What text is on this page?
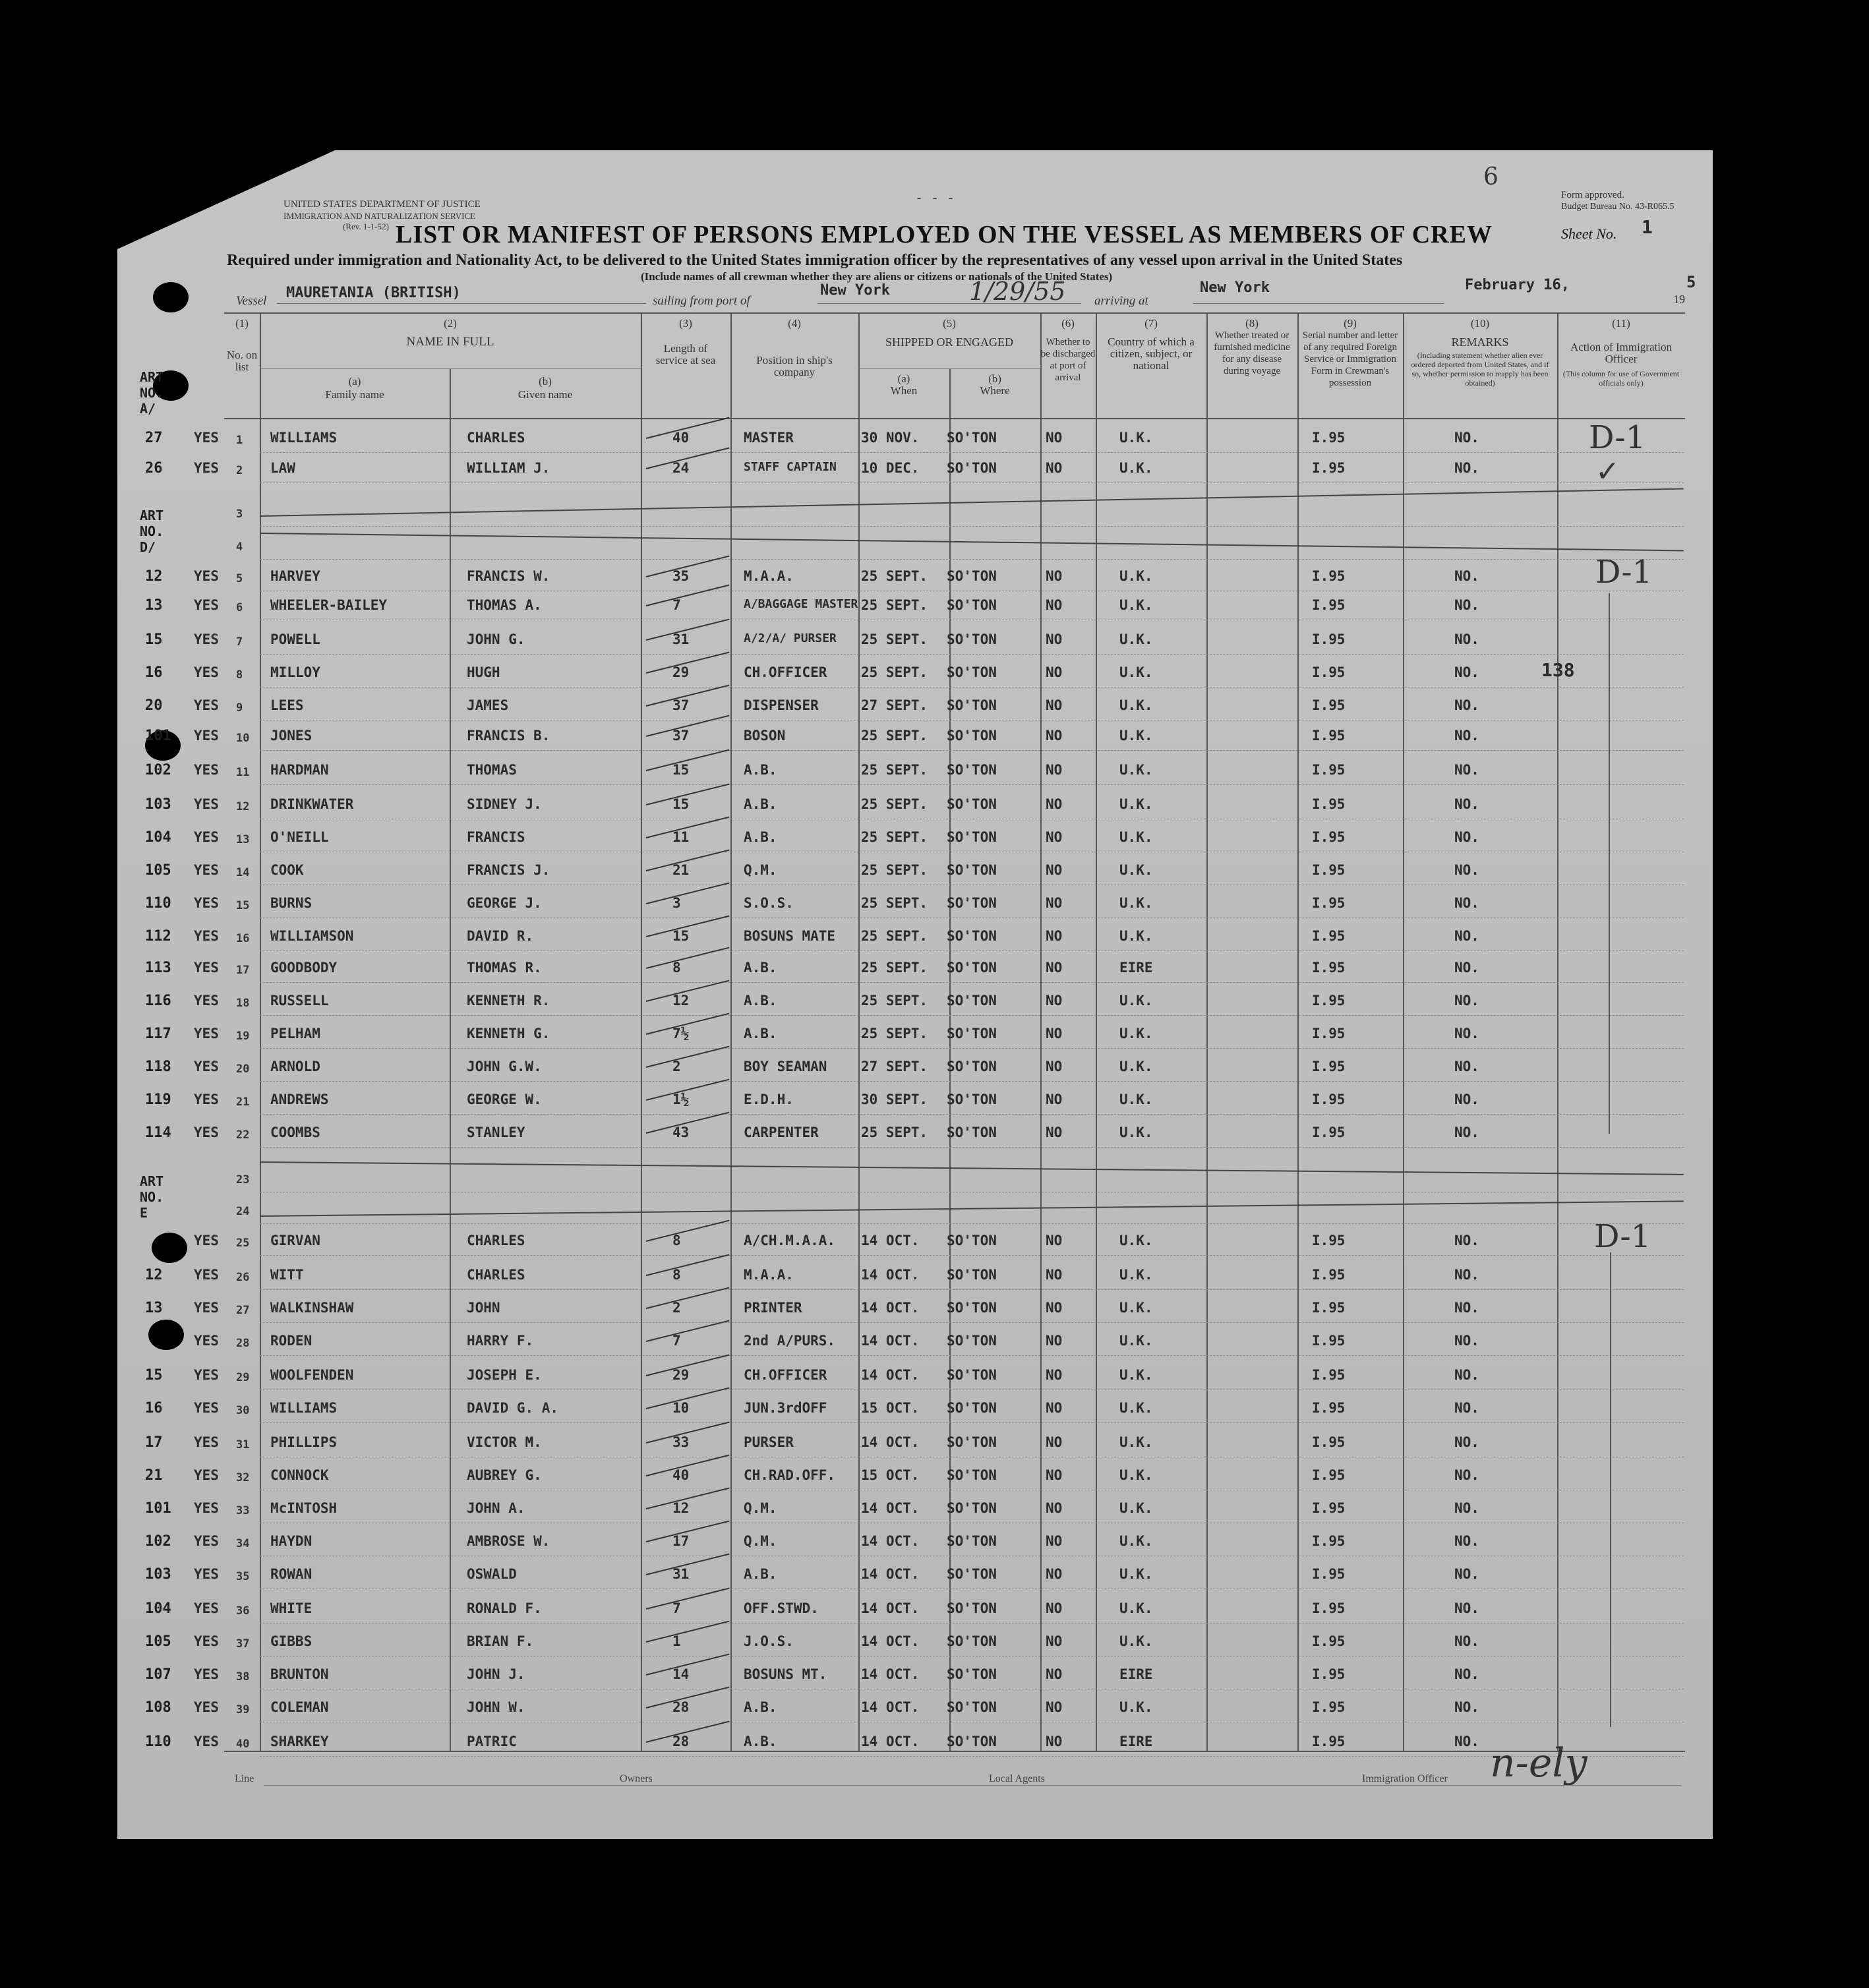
UNITED STATES DEPARTMENT OF JUSTICE
IMMIGRATION AND NATURALIZATION SERVICE
(Rev. 1-1-52)
- - -
6
Form approved.
Budget Bureau No. 43-R065.5
LIST OR MANIFEST OF PERSONS EMPLOYED ON THE VESSEL AS MEMBERS OF CREW	Sheet No. 1
Required under immigration and Nationality Act, to be delivered to the United States immigration officer by the representatives of any vessel upon arrival in the United States
(Include names of all crewman whether they are aliens or citizens or nationals of the United States)
Vessel MAURETANIA (BRITISH)	sailing from port of
New York	1/29/55 arriving at
New York	February 16,
19
5
(1)
No. on list
(2)
NAME IN FULL
(a)
Family name
(b)
Given name
(3)
Length of service at sea
(4)
Position in ship's company
(5)
SHIPPED OR ENGAGED
(a)
When
(b)
Where
(6)
Whether to be discharged at port of arrival
(7)
Country of which a citizen, subject, or national
(8)
Whether treated or furnished medicine for any disease during voyage
(9)
Serial number and letter of any required Foreign Service or Immigration Form in Crewman's possession
(10)
REMARKS
(Including statement whether alien ever ordered deported from United States, and if so, whether permission to reapply has been obtained)
(11)
Action of Immigration Officer
(This column for use of Government officials only)
ART NO. A/
ART NO. D/
ART NO. E
27 YES 1 WILLIAMS	CHARLES	40	MASTER	30 NOV. SO'TON	NO	U.K.	I.95	NO.
26 YES 2 LAW	WILLIAM J.	24	STAFF CAPTAIN 10 DEC. SO'TON	NO	U.K.	I.95	NO.
3
4
12 YES 5 HARVEY	FRANCIS W.	35	M.A.A.	25 SEPT. SO'TON	NO	U.K.	I.95	NO.
13 YES 6 WHEELER-BAILEY	THOMAS A.	7	A/BAGGAGE MASTER 25 SEPT. SO'TON	NO	U.K.	I.95	NO.
15 YES 7 POWELL	JOHN G.	31	A/2/A/ PURSER 25 SEPT. SO'TON	NO	U.K.	I.95	NO.
16 YES 8 MILLOY	HUGH	29	CH.OFFICER 25 SEPT. SO'TON	NO	U.K.	I.95	NO.
20 YES 9 LEES	JAMES	37	DISPENSER	27 SEPT. SO'TON	NO	U.K.	I.95	NO.
101 YES 10 JONES	FRANCIS B.	37	BOSON	25 SEPT. SO'TON	NO	U.K.	I.95	NO.
102 YES 11 HARDMAN	THOMAS	15	A.B.	25 SEPT. SO'TON	NO	U.K.	I.95	NO.
103 YES 12 DRINKWATER	SIDNEY J.	15	A.B.	25 SEPT. SO'TON	NO	U.K.	I.95	NO.
104 YES 13 O'NEILL	FRANCIS	11	A.B.	25 SEPT. SO'TON	NO	U.K.	I.95	NO.
105 YES 14 COOK	FRANCIS J.	21	Q.M.	25 SEPT. SO'TON	NO	U.K.	I.95	NO.
110 YES 15 BURNS	GEORGE J.	3	S.O.S.	25 SEPT. SO'TON	NO	U.K.	I.95	NO.
112 YES 16 WILLIAMSON	DAVID R.	15	BOSUNS MATE 25 SEPT. SO'TON	NO	U.K.	I.95	NO.
113 YES 17 GOODBODY	THOMAS R.	8	A.B.	25 SEPT. SO'TON	NO	EIRE	I.95	NO.
116 YES 18 RUSSELL	KENNETH R.	12	A.B.	25 SEPT. SO'TON	NO	U.K.	I.95	NO.
117 YES 19 PELHAM	KENNETH G.	7½	A.B.	25 SEPT. SO'TON	NO	U.K.	I.95	NO.
118 YES 20 ARNOLD	JOHN G.W.	2	BOY SEAMAN 27 SEPT. SO'TON	NO	U.K.	I.95	NO.
119 YES 21 ANDREWS	GEORGE W.	1½	E.D.H.	30 SEPT. SO'TON	NO	U.K.	I.95	NO.
114 YES 22 COOMBS	STANLEY	43	CARPENTER	25 SEPT. SO'TON	NO	U.K.	I.95	NO.
23
24
YES 25 GIRVAN	CHARLES	8	A/CH.M.A.A. 14 OCT. SO'TON	NO	U.K.	I.95	NO.
12 YES 26 WITT	CHARLES	8	M.A.A.	14 OCT. SO'TON	NO	U.K.	I.95	NO.
13 YES 27 WALKINSHAW	JOHN	2	PRINTER	14 OCT. SO'TON	NO	U.K.	I.95	NO.
YES 28 RODEN	HARRY F.	7	2nd A/PURS. 14 OCT. SO'TON	NO	U.K.	I.95	NO.
15 YES 29 WOOLFENDEN	JOSEPH E.	29	CH.OFFICER 14 OCT. SO'TON	NO	U.K.	I.95	NO.
16 YES 30 WILLIAMS	DAVID G. A.	10	JUN.3rdOFF 15 OCT. SO'TON	NO	U.K.	I.95	NO.
17 YES 31 PHILLIPS	VICTOR M.	33	PURSER	14 OCT. SO'TON	NO	U.K.	I.95	NO.
21 YES 32 CONNOCK	AUBREY G.	40	CH.RAD.OFF. 15 OCT. SO'TON	NO	U.K.	I.95	NO.
101 YES 33 McINTOSH	JOHN A.	12	Q.M.	14 OCT. SO'TON	NO	U.K.	I.95	NO.
102 YES 34 HAYDN	AMBROSE W.	17	Q.M.	14 OCT. SO'TON	NO	U.K.	I.95	NO.
103 YES 35 ROWAN	OSWALD	31	A.B.	14 OCT. SO'TON	NO	U.K.	I.95	NO.
104 YES 36 WHITE	RONALD F.	7	OFF.STWD.	14 OCT. SO'TON	NO	U.K.	I.95	NO.
105 YES 37 GIBBS	BRIAN F.	1	J.O.S.	14 OCT. SO'TON	NO	U.K.	I.95	NO.
107 YES 38 BRUNTON	JOHN J.	14	BOSUNS MT. 14 OCT. SO'TON	NO	EIRE	I.95	NO.
108 YES 39 COLEMAN	JOHN W.	28	A.B.	14 OCT. SO'TON	NO	U.K.	I.95	NO.
110 YES 40 SHARKEY	PATRIC	28	A.B.	14 OCT. SO'TON	NO	EIRE	I.95	NO.
D-1
✓
D-1
D-1
138
n-ely
Line	Owners	Local Agents	Immigration Officer
